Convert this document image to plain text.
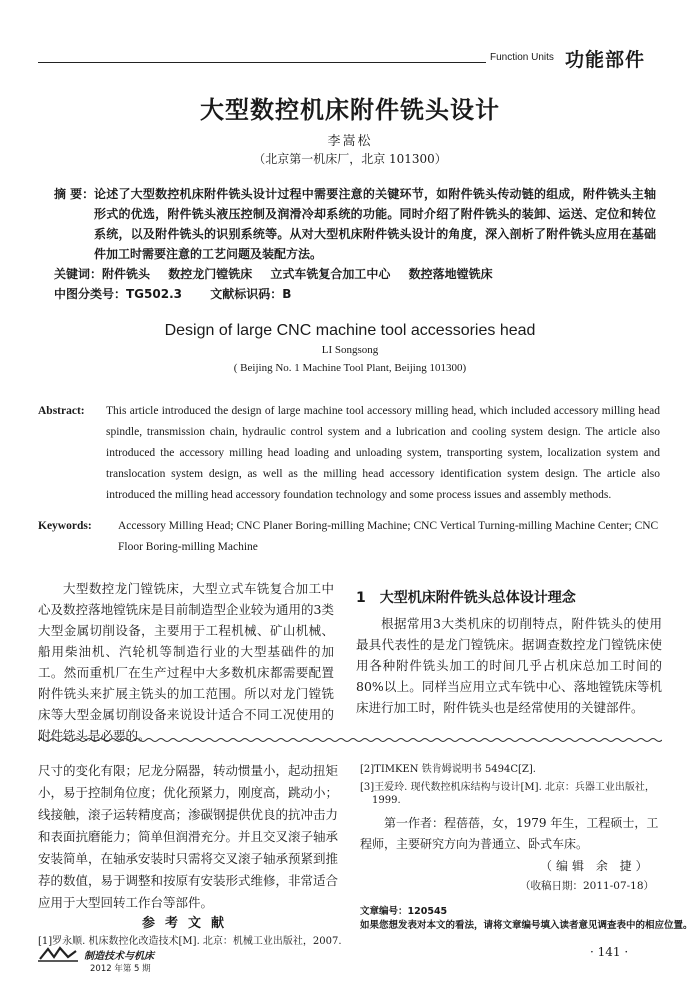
Function Units 功能部件
大型数控机床附件铣头设计
李嵩松
（北京第一机床厂，北京 101300）
摘 要： 论述了大型数控机床附件铣头设计过程中需要注意的关键环节，如附件铣头传动链的组成，附件铣头主轴形式的优选，附件铣头液压控制及润滑冷却系统的功能。同时介绍了附件铣头的装卸、运送、定位和转位系统，以及附件铣头的识别系统等。从对大型机床附件铣头设计的角度，深入剖析了附件铣头应用在基础件加工时需要注意的工艺问题及装配方法。
关键词： 附件铣头 数控龙门镗铣床 立式车铣复合加工中心 数控落地镗铣床
中图分类号：TG502.3 文献标识码：B
Design of large CNC machine tool accessories head
LI Songsong
( Beijing No. 1 Machine Tool Plant, Beijing 101300)
Abstract: This article introduced the design of large machine tool accessory milling head, which included accessory milling head spindle, transmission chain, hydraulic control system and a lubrication and cooling system design. The article also introduced the accessory milling head loading and unloading system, transporting system, localization system and translocation system design, as well as the milling head accessory identification system design. The article also introduced the milling head accessory foundation technology and some process issues and assembly methods.
Keywords: Accessory Milling Head; CNC Planer Boring-milling Machine; CNC Vertical Turning-milling Machine Center; CNC Floor Boring-milling Machine
大型数控龙门镗铣床，大型立式车铣复合加工中心及数控落地镗铣床是目前制造型企业较为通用的3类大型金属切削设备，主要用于工程机械、矿山机械、船用柴油机、汽轮机等制造行业的大型基础件的加工。然而重机厂在生产过程中大多数机床都需要配置附件铣头来扩展主铣头的加工范围。所以对龙门镗铣床等大型金属切削设备来说设计适合不同工况使用的附件铣头是必要的。
1　大型机床附件铣头总体设计理念
根据常用3大类机床的切削特点，附件铣头的使用最具代表性的是龙门镗铣床。据调查数控龙门镗铣床使用各种附件铣头加工的时间几乎占机床总加工时间的80%以上。同样当应用立式车铣中心、落地镗铣床等机床进行加工时，附件铣头也是经常使用的关键部件。
尺寸的变化有限；尼龙分隔器，转动惯量小，起动扭矩小，易于控制角位度；优化预紧力，刚度高，跳动小；线接触，滚子运转精度高；渗碳钢提供优良的抗冲击力和表面抗磨能力；简单但润滑充分。并且交叉滚子轴承安装简单，在轴承安装时只需将交叉滚子轴承预紧到推荐的数值，易于调整和按原有安装形式维修，非常适合应用于大型回转工作台等部件。
参考文献
[1]罗永顺. 机床数控化改造技术[M]. 北京：机械工业出版社，2007.
[2]TIMKEN 铁肯姆说明书 5494C[Z].
[3]王爱玲. 现代数控机床结构与设计[M]. 北京：兵器工业出版社，
1999.
第一作者：程蓓蓓，女，1979 年生，工程硕士，工程师，主要研究方向为普通立、卧式车床。
（编辑 余 捷）
（收稿日期：2011-07-18）
文章编号：120545
如果您想发表对本文的看法，请将文章编号填入读者意见调查表中的相应位置。
制造技术与机床
2012 年第 5 期
· 141 ·
